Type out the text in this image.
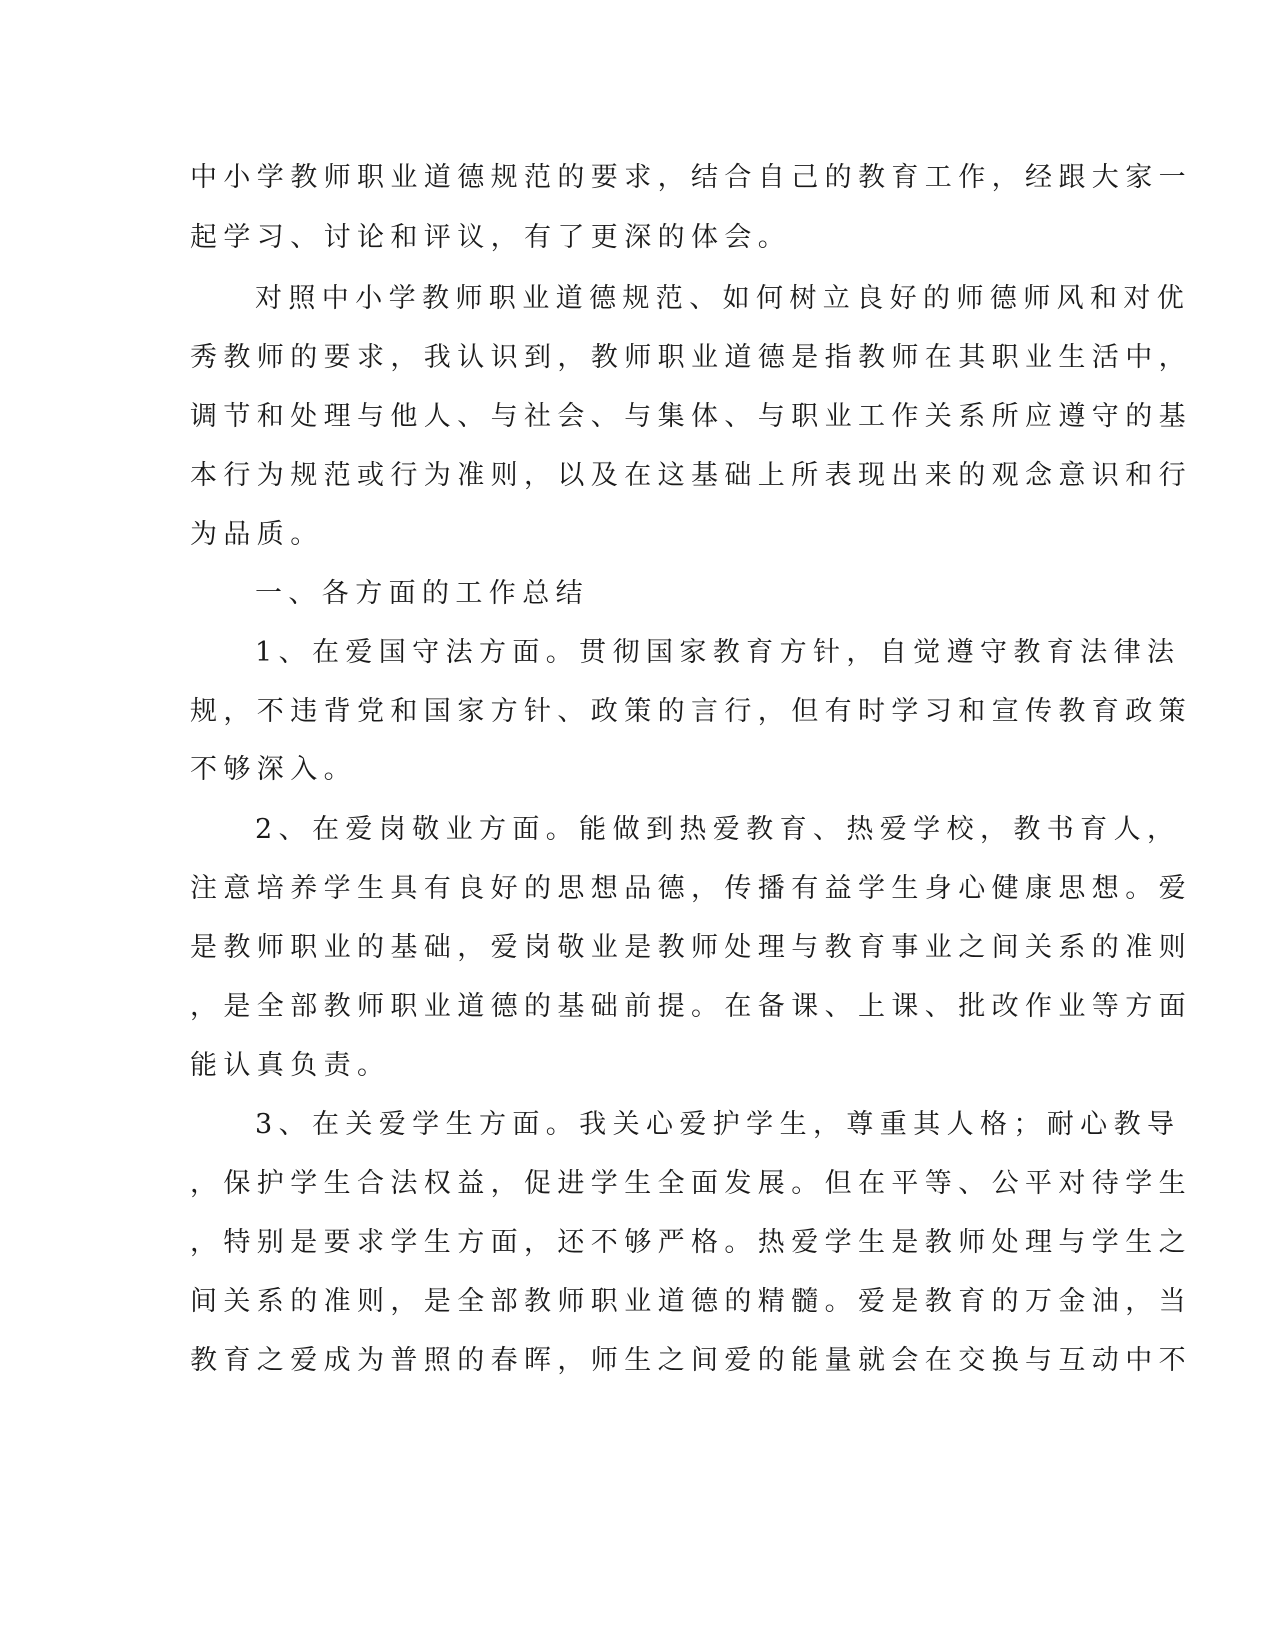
中小学教师职业道德规范的要求，结合自己的教育工作，经跟大家一
起学习、讨论和评议，有了更深的体会。
对照中小学教师职业道德规范、如何树立良好的师德师风和对优
秀教师的要求，我认识到，教师职业道德是指教师在其职业生活中，
调节和处理与他人、与社会、与集体、与职业工作关系所应遵守的基
本行为规范或行为准则，以及在这基础上所表现出来的观念意识和行
为品质。
一、各方面的工作总结
1、在爱国守法方面。贯彻国家教育方针，自觉遵守教育法律法
规，不违背党和国家方针、政策的言行，但有时学习和宣传教育政策
不够深入。
2、在爱岗敬业方面。能做到热爱教育、热爱学校，教书育人，
注意培养学生具有良好的思想品德，传播有益学生身心健康思想。爱
是教师职业的基础，爱岗敬业是教师处理与教育事业之间关系的准则
，是全部教师职业道德的基础前提。在备课、上课、批改作业等方面
能认真负责。
3、在关爱学生方面。我关心爱护学生，尊重其人格；耐心教导
，保护学生合法权益，促进学生全面发展。但在平等、公平对待学生
，特别是要求学生方面，还不够严格。热爱学生是教师处理与学生之
间关系的准则，是全部教师职业道德的精髓。爱是教育的万金油，当
教育之爱成为普照的春晖，师生之间爱的能量就会在交换与互动中不
